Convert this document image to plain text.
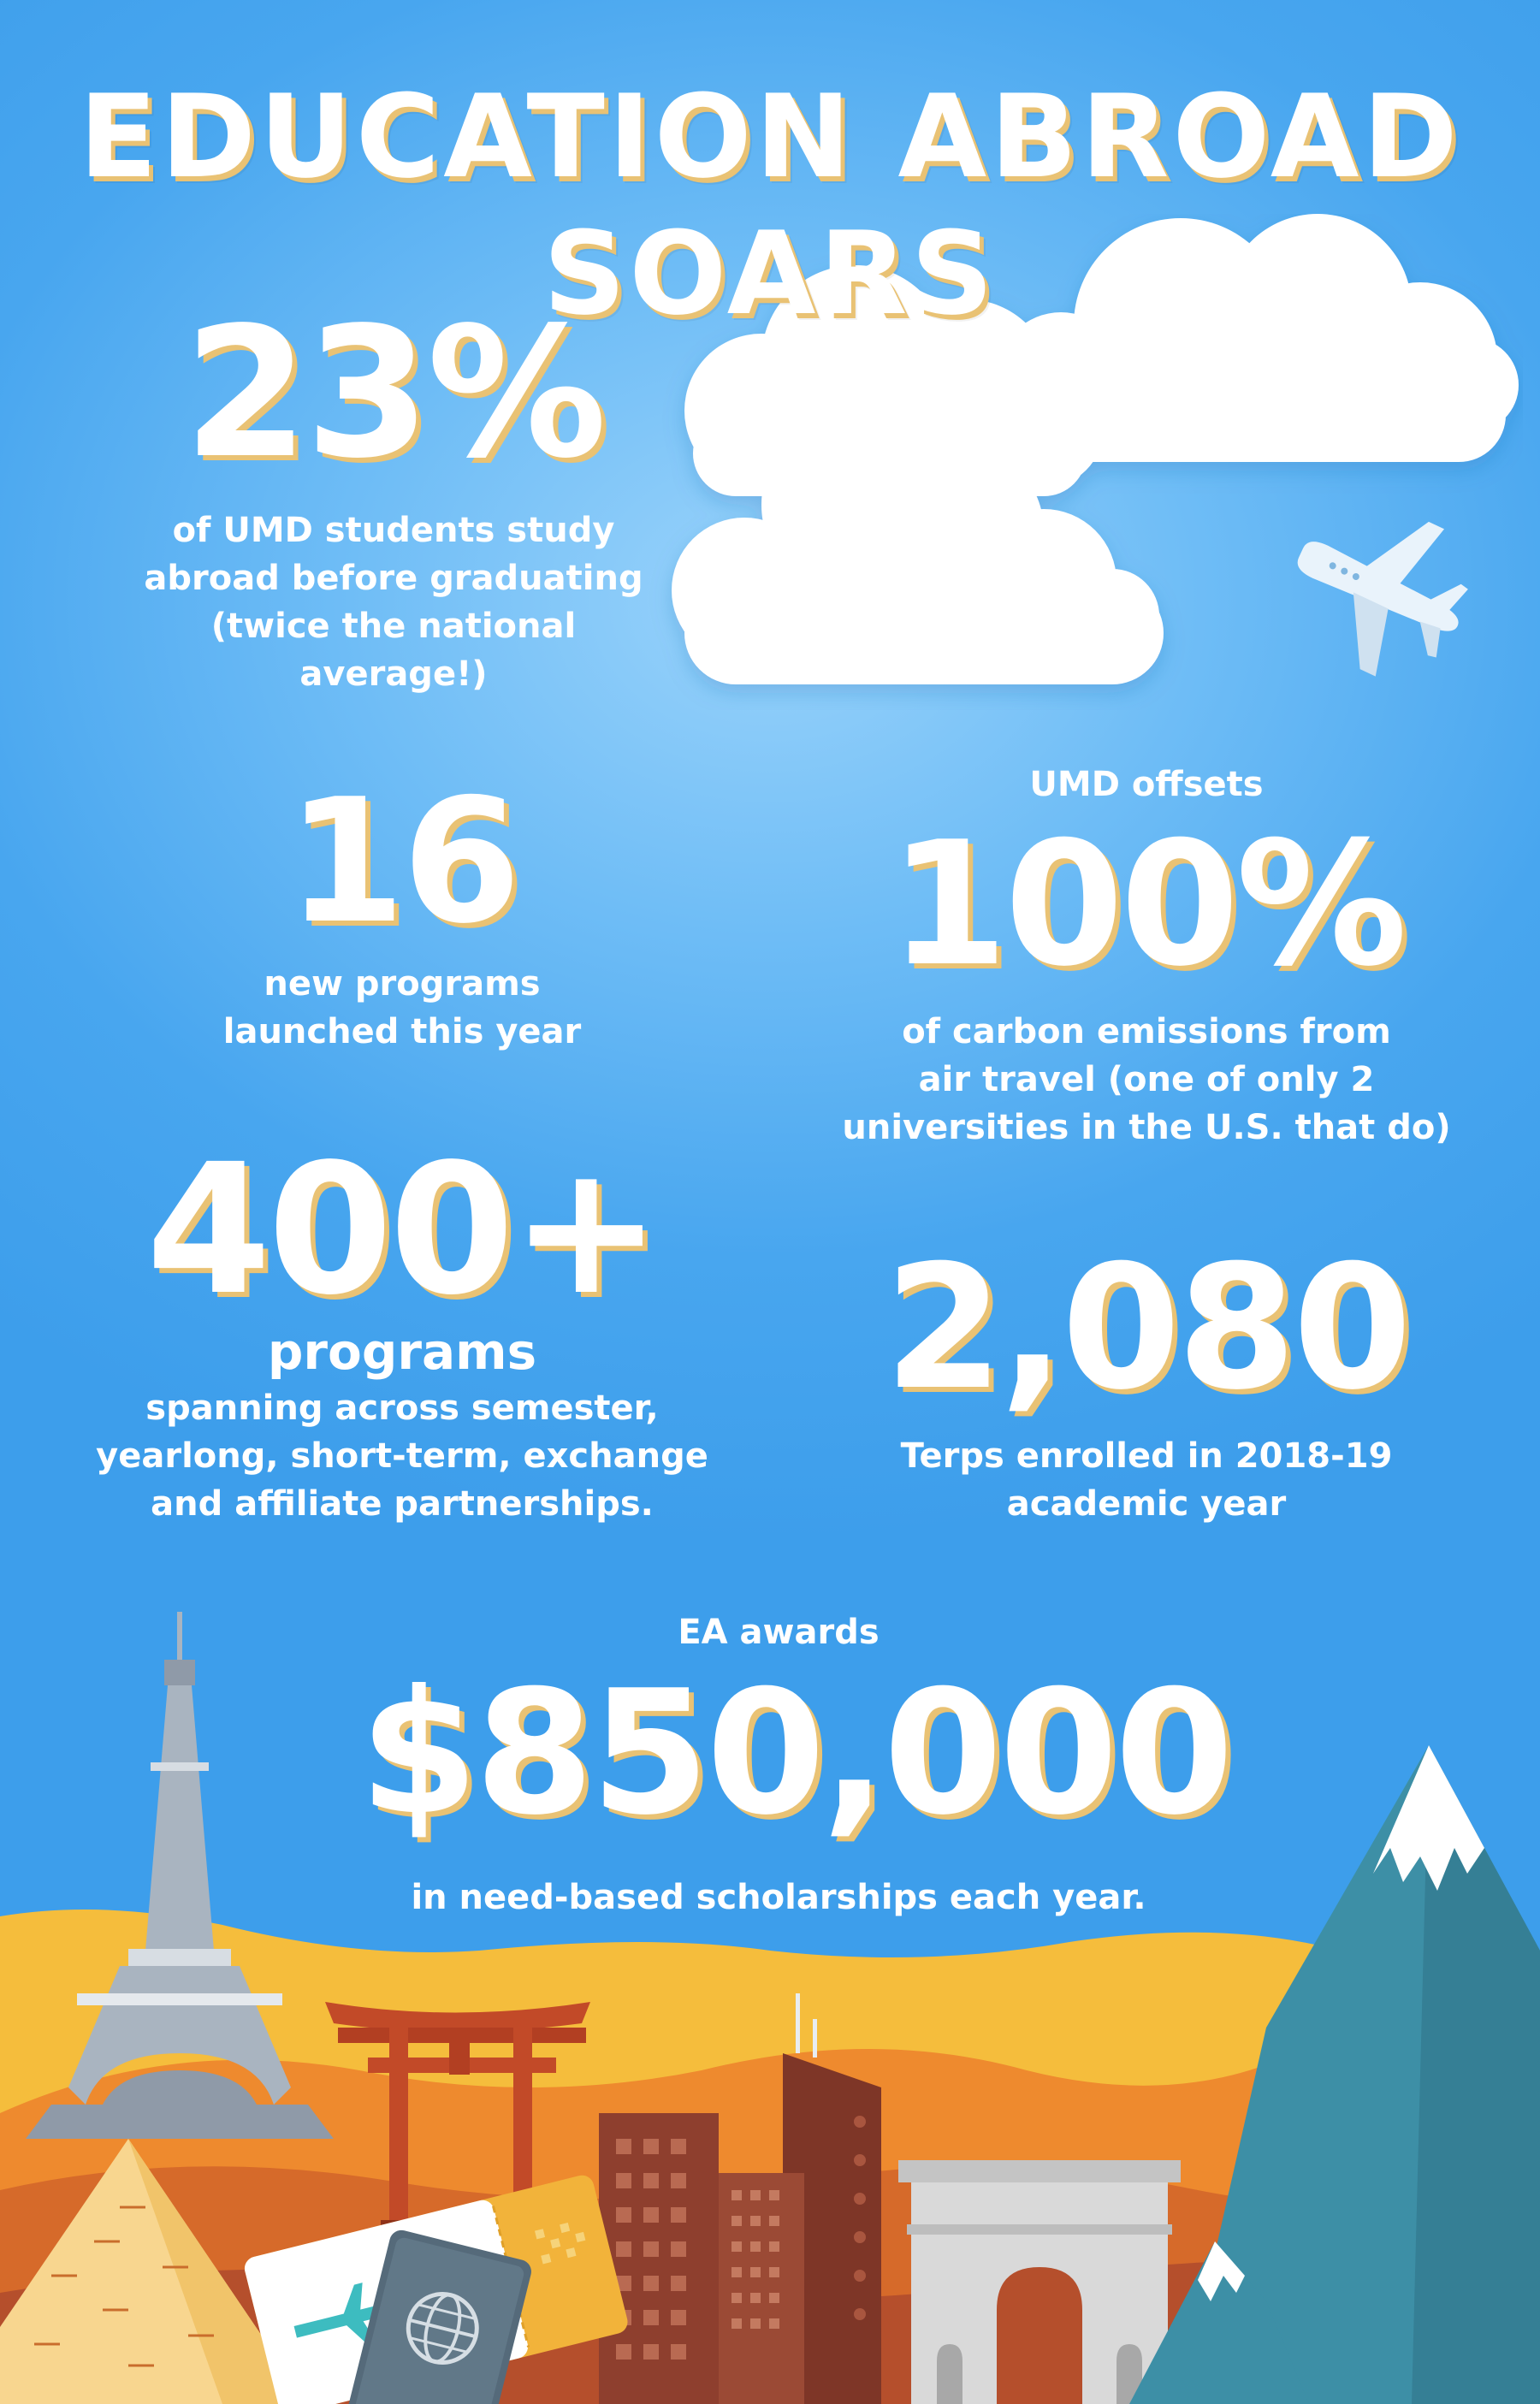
EDUCATION ABROAD SOARS
23%
of UMD students study
abroad before graduating
(twice the national
average!)
16
new programs
launched this year
UMD offsets
100%
of carbon emissions from
air travel (one of only 2
universities in the U.S. that do)
400+
programs
spanning across semester,
yearlong, short-term, exchange
and affiliate partnerships.
2,080
Terps enrolled in 2018-19
academic year
EA awards
$850,000
in need-based scholarships each year.
